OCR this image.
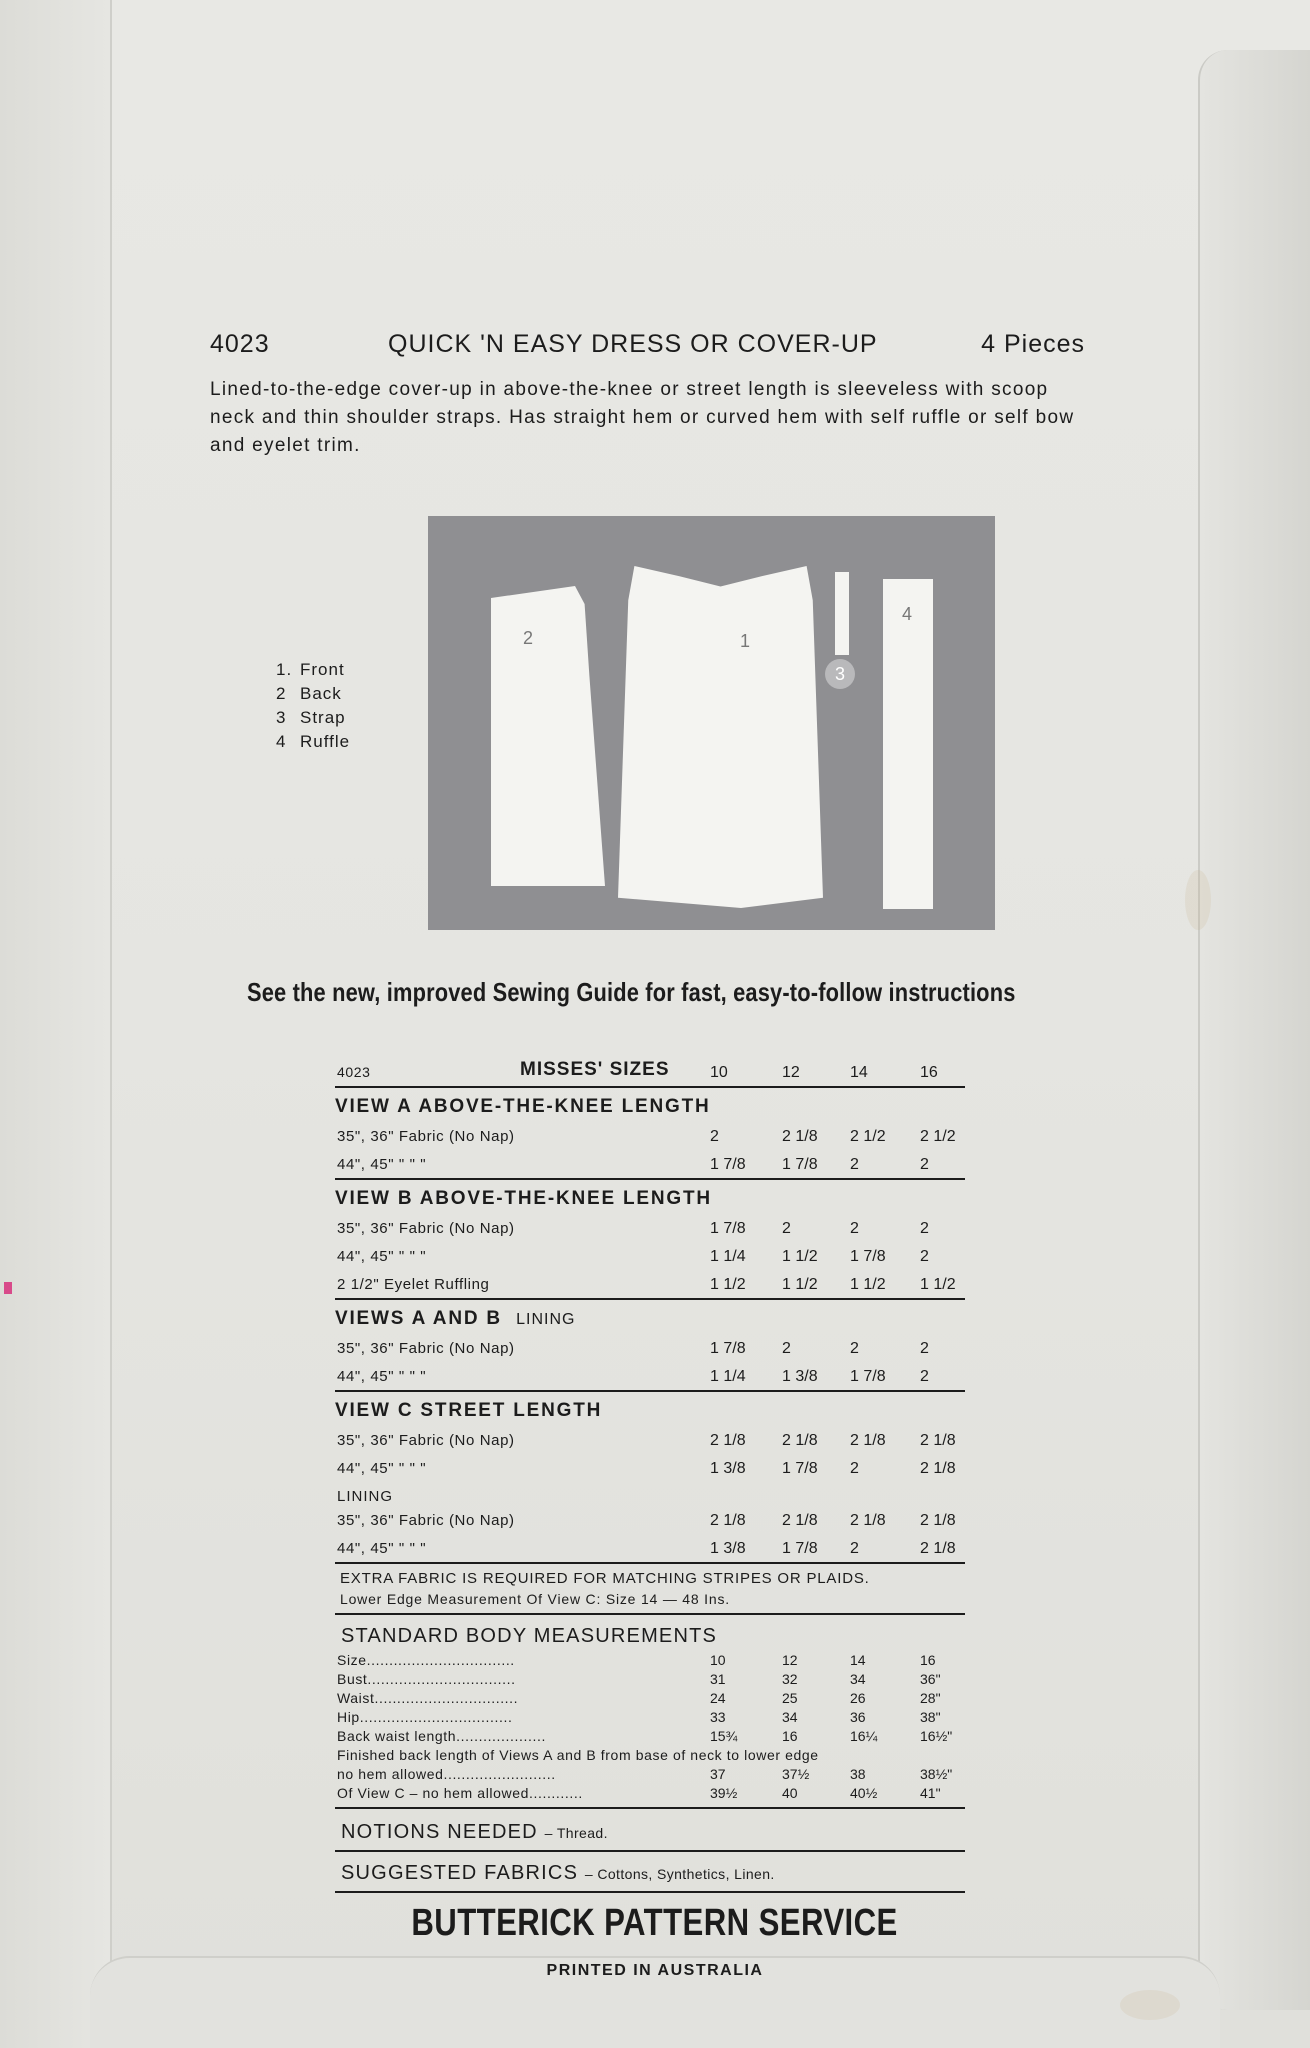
4023	QUICK 'N EASY DRESS OR COVER-UP	4 Pieces
Lined-to-the-edge cover-up in above-the-knee or street length is sleeveless with scoop neck and thin shoulder straps. Has straight hem or curved hem with self ruffle or self bow and eyelet trim.
2	1
3
4
1. Front
2 Back
3 Strap
4 Ruffle
See the new, improved Sewing Guide for fast, easy-to-follow instructions
4023	MISSES' SIZES	10	12	14	16
VIEW A ABOVE-THE-KNEE LENGTH
35", 36" Fabric (No Nap)	2	2 1/8	2 1/2	2 1/2
44", 45" " " "	1 7/8	1 7/8	2	2
VIEW B ABOVE-THE-KNEE LENGTH
35", 36" Fabric (No Nap)	1 7/8	2	2	2
44", 45" " " "	1 1/4	1 1/2	1 7/8	2
2 1/2" Eyelet Ruffling	1 1/2	1 1/2	1 1/2	1 1/2
VIEWS A AND B LINING
35", 36" Fabric (No Nap)	1 7/8	2	2	2
44", 45" " " "	1 1/4	1 3/8	1 7/8	2
VIEW C STREET LENGTH
35", 36" Fabric (No Nap)	2 1/8	2 1/8	2 1/8	2 1/8
44", 45" " " "	1 3/8	1 7/8	2	2 1/8
LINING
35", 36" Fabric (No Nap)	2 1/8	2 1/8	2 1/8	2 1/8
44", 45" " " "	1 3/8	1 7/8	2	2 1/8
EXTRA FABRIC IS REQUIRED FOR MATCHING STRIPES OR PLAIDS.
Lower Edge Measurement Of View C: Size 14 — 48 Ins.
STANDARD BODY MEASUREMENTS
Size.................................	10	12	14	16
Bust.................................	31	32	34	36"
Waist................................	24	25	26	28"
Hip..................................	33	34	36	38"
Back waist length....................	15¾	16	16¼	16½"
Finished back length of Views A and B from base of neck to lower edge
no hem allowed.........................	37	37½	38	38½"
Of View C – no hem allowed............	39½	40	40½	41"
NOTIONS NEEDED – Thread.
SUGGESTED FABRICS – Cottons, Synthetics, Linen.
BUTTERICK PATTERN SERVICE
PRINTED IN AUSTRALIA
